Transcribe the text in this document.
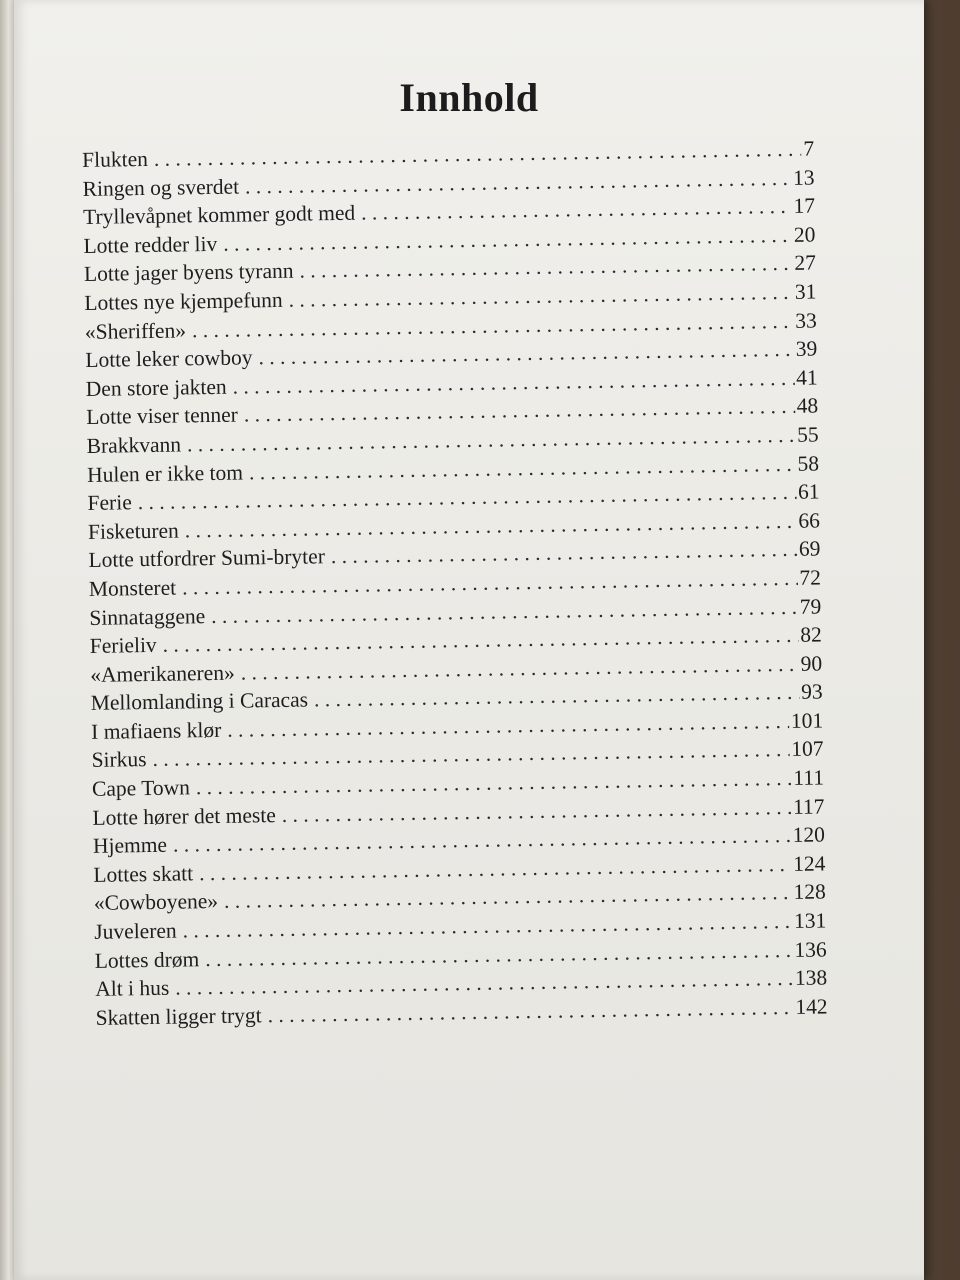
Innhold
Flukten . . .	7
Ringen og sverdet . . .	13
Tryllevåpnet kommer godt med . . .	17
Lotte redder liv . . .	20
Lotte jager byens tyrann . . .	27
Lottes nye kjempefunn . . .	31
«Sheriffen» . . .	33
Lotte leker cowboy . . .	39
Den store jakten . . .	41
Lotte viser tenner . . .	48
Brakkvann . . .	55
Hulen er ikke tom . . .	58
Ferie . . .	61
Fisketuren . . .	66
Lotte utfordrer Sumi-bryter . . .	69
Monsteret . . .	72
Sinnataggene . . .	79
Ferieliv . . .	82
«Amerikaneren» . . .	90
Mellomlanding i Caracas . . .	93
I mafiaens klør . . .	101
Sirkus . . .	107
Cape Town . . .	111
Lotte hører det meste . . .	117
Hjemme . . .	120
Lottes skatt . . .	124
«Cowboyene» . . .	128
Juveleren . . .	131
Lottes drøm . . .	136
Alt i hus . . .	138
Skatten ligger trygt . . .	142
